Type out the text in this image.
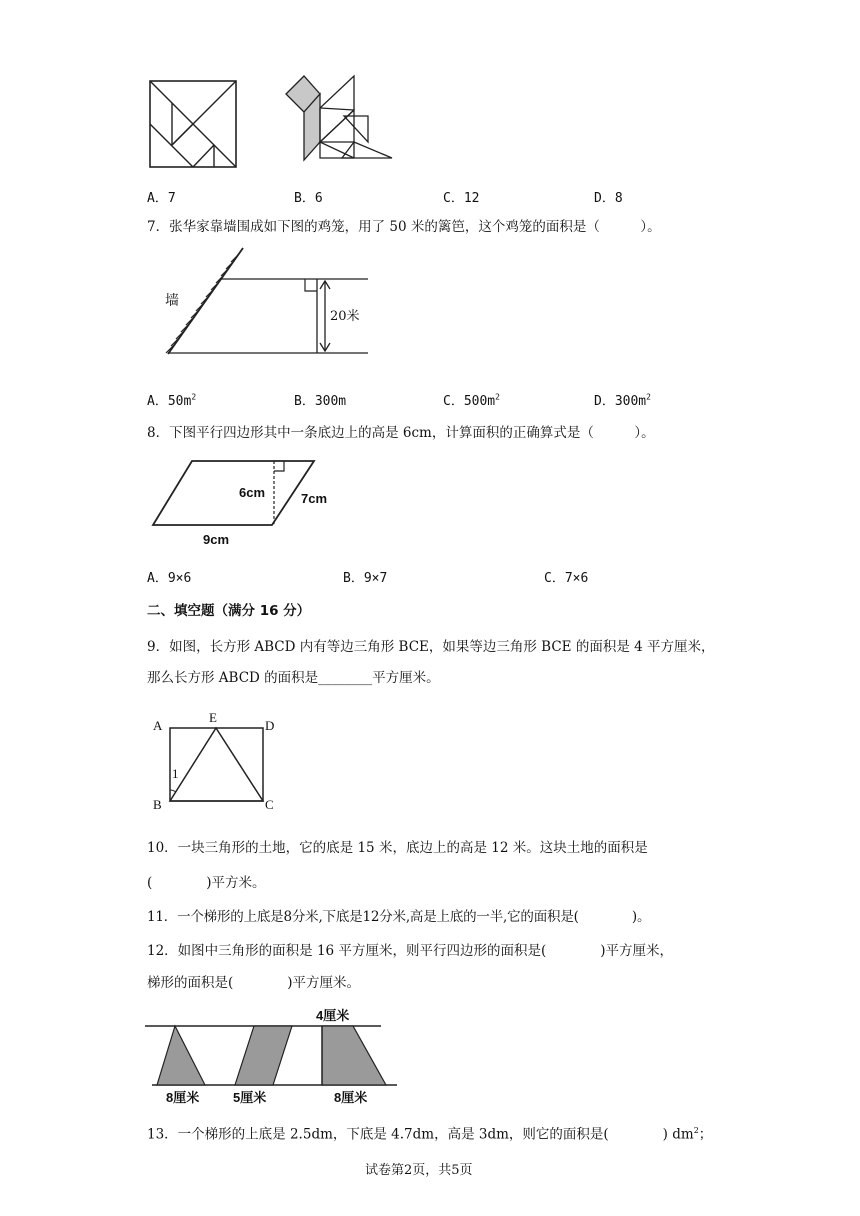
A．7	B．6	C．12	D．8
7．张华家靠墙围成如下图的鸡笼，用了 50 米的篱笆，这个鸡笼的面积是（　　　）。
墙
20米
A．$50m^2$	B．300m	C．$500m^2$	D．$300m^2$
8．下图平行四边形其中一条底边上的高是 6cm，计算面积的正确算式是（　　　）。
6cm	7cm
9cm
A．9×6	B．9×7	C．7×6
二、填空题（满分 16 分）
9．如图，长方形 ABCD 内有等边三角形 BCE，如果等边三角形 BCE 的面积是 4 平方厘米，
那么长方形 ABCD 的面积是________平方厘米。
A
E
D
B	C
1
10．一块三角形的土地，它的底是 15 米，底边上的高是 12 米。这块土地的面积是
(　　　　)平方米。
11．一个梯形的上底是8分米,下底是12分米,高是上底的一半,它的面积是(　　　　)。
12．如图中三角形的面积是 16 平方厘米，则平行四边形的面积是(　　　　)平方厘米，
梯形的面积是(　　　　)平方厘米。
4厘米
8厘米	5厘米	8厘米
13．一个梯形的上底是 2.5dm，下底是 4.7dm，高是 3dm，则它的面积是(　　　　) $dm^2$；
试卷第2页，共5页
